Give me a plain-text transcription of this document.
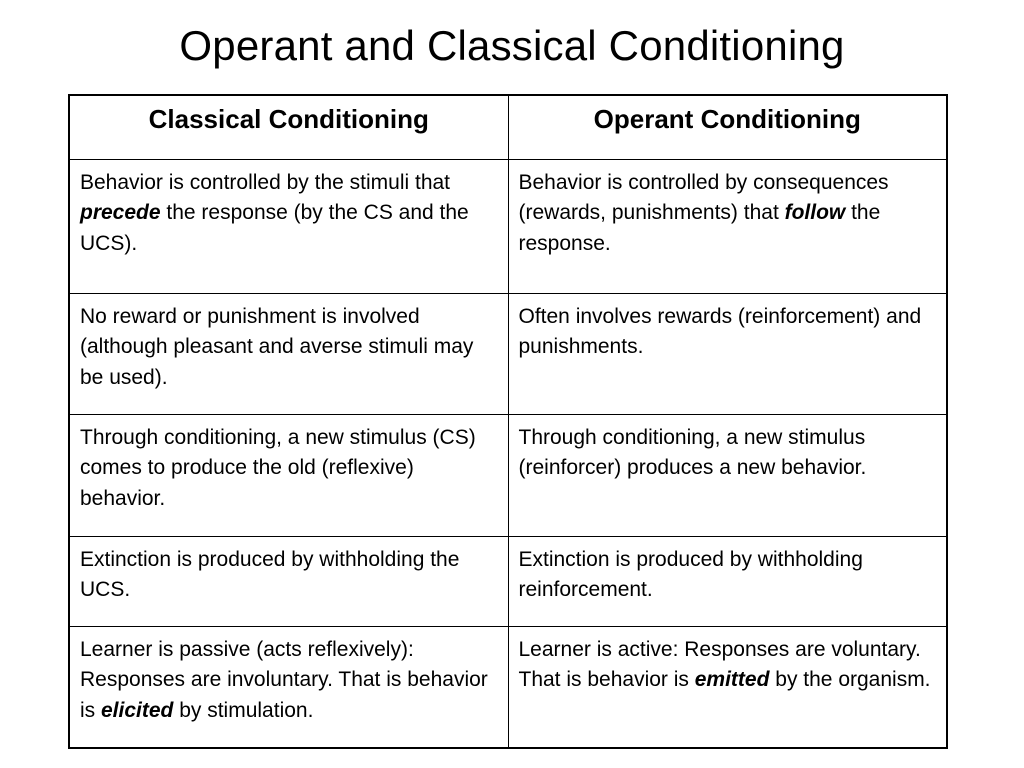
Operant and Classical Conditioning
Classical Conditioning	Operant Conditioning
Behavior is controlled by the stimuli that precede the response (by the CS and the UCS).	Behavior is controlled by consequences (rewards, punishments) that follow the response.
No reward or punishment is involved (although pleasant and averse stimuli may be used).	Often involves rewards (reinforcement) and punishments.
Through conditioning, a new stimulus (CS) comes to produce the old (reflexive) behavior.	Through conditioning, a new stimulus (reinforcer) produces a new behavior.
Extinction is produced by withholding the UCS.	Extinction is produced by withholding reinforcement.
Learner is passive (acts reflexively): Responses are involuntary. That is behavior is elicited by stimulation.	Learner is active: Responses are voluntary. That is behavior is emitted by the organism.
